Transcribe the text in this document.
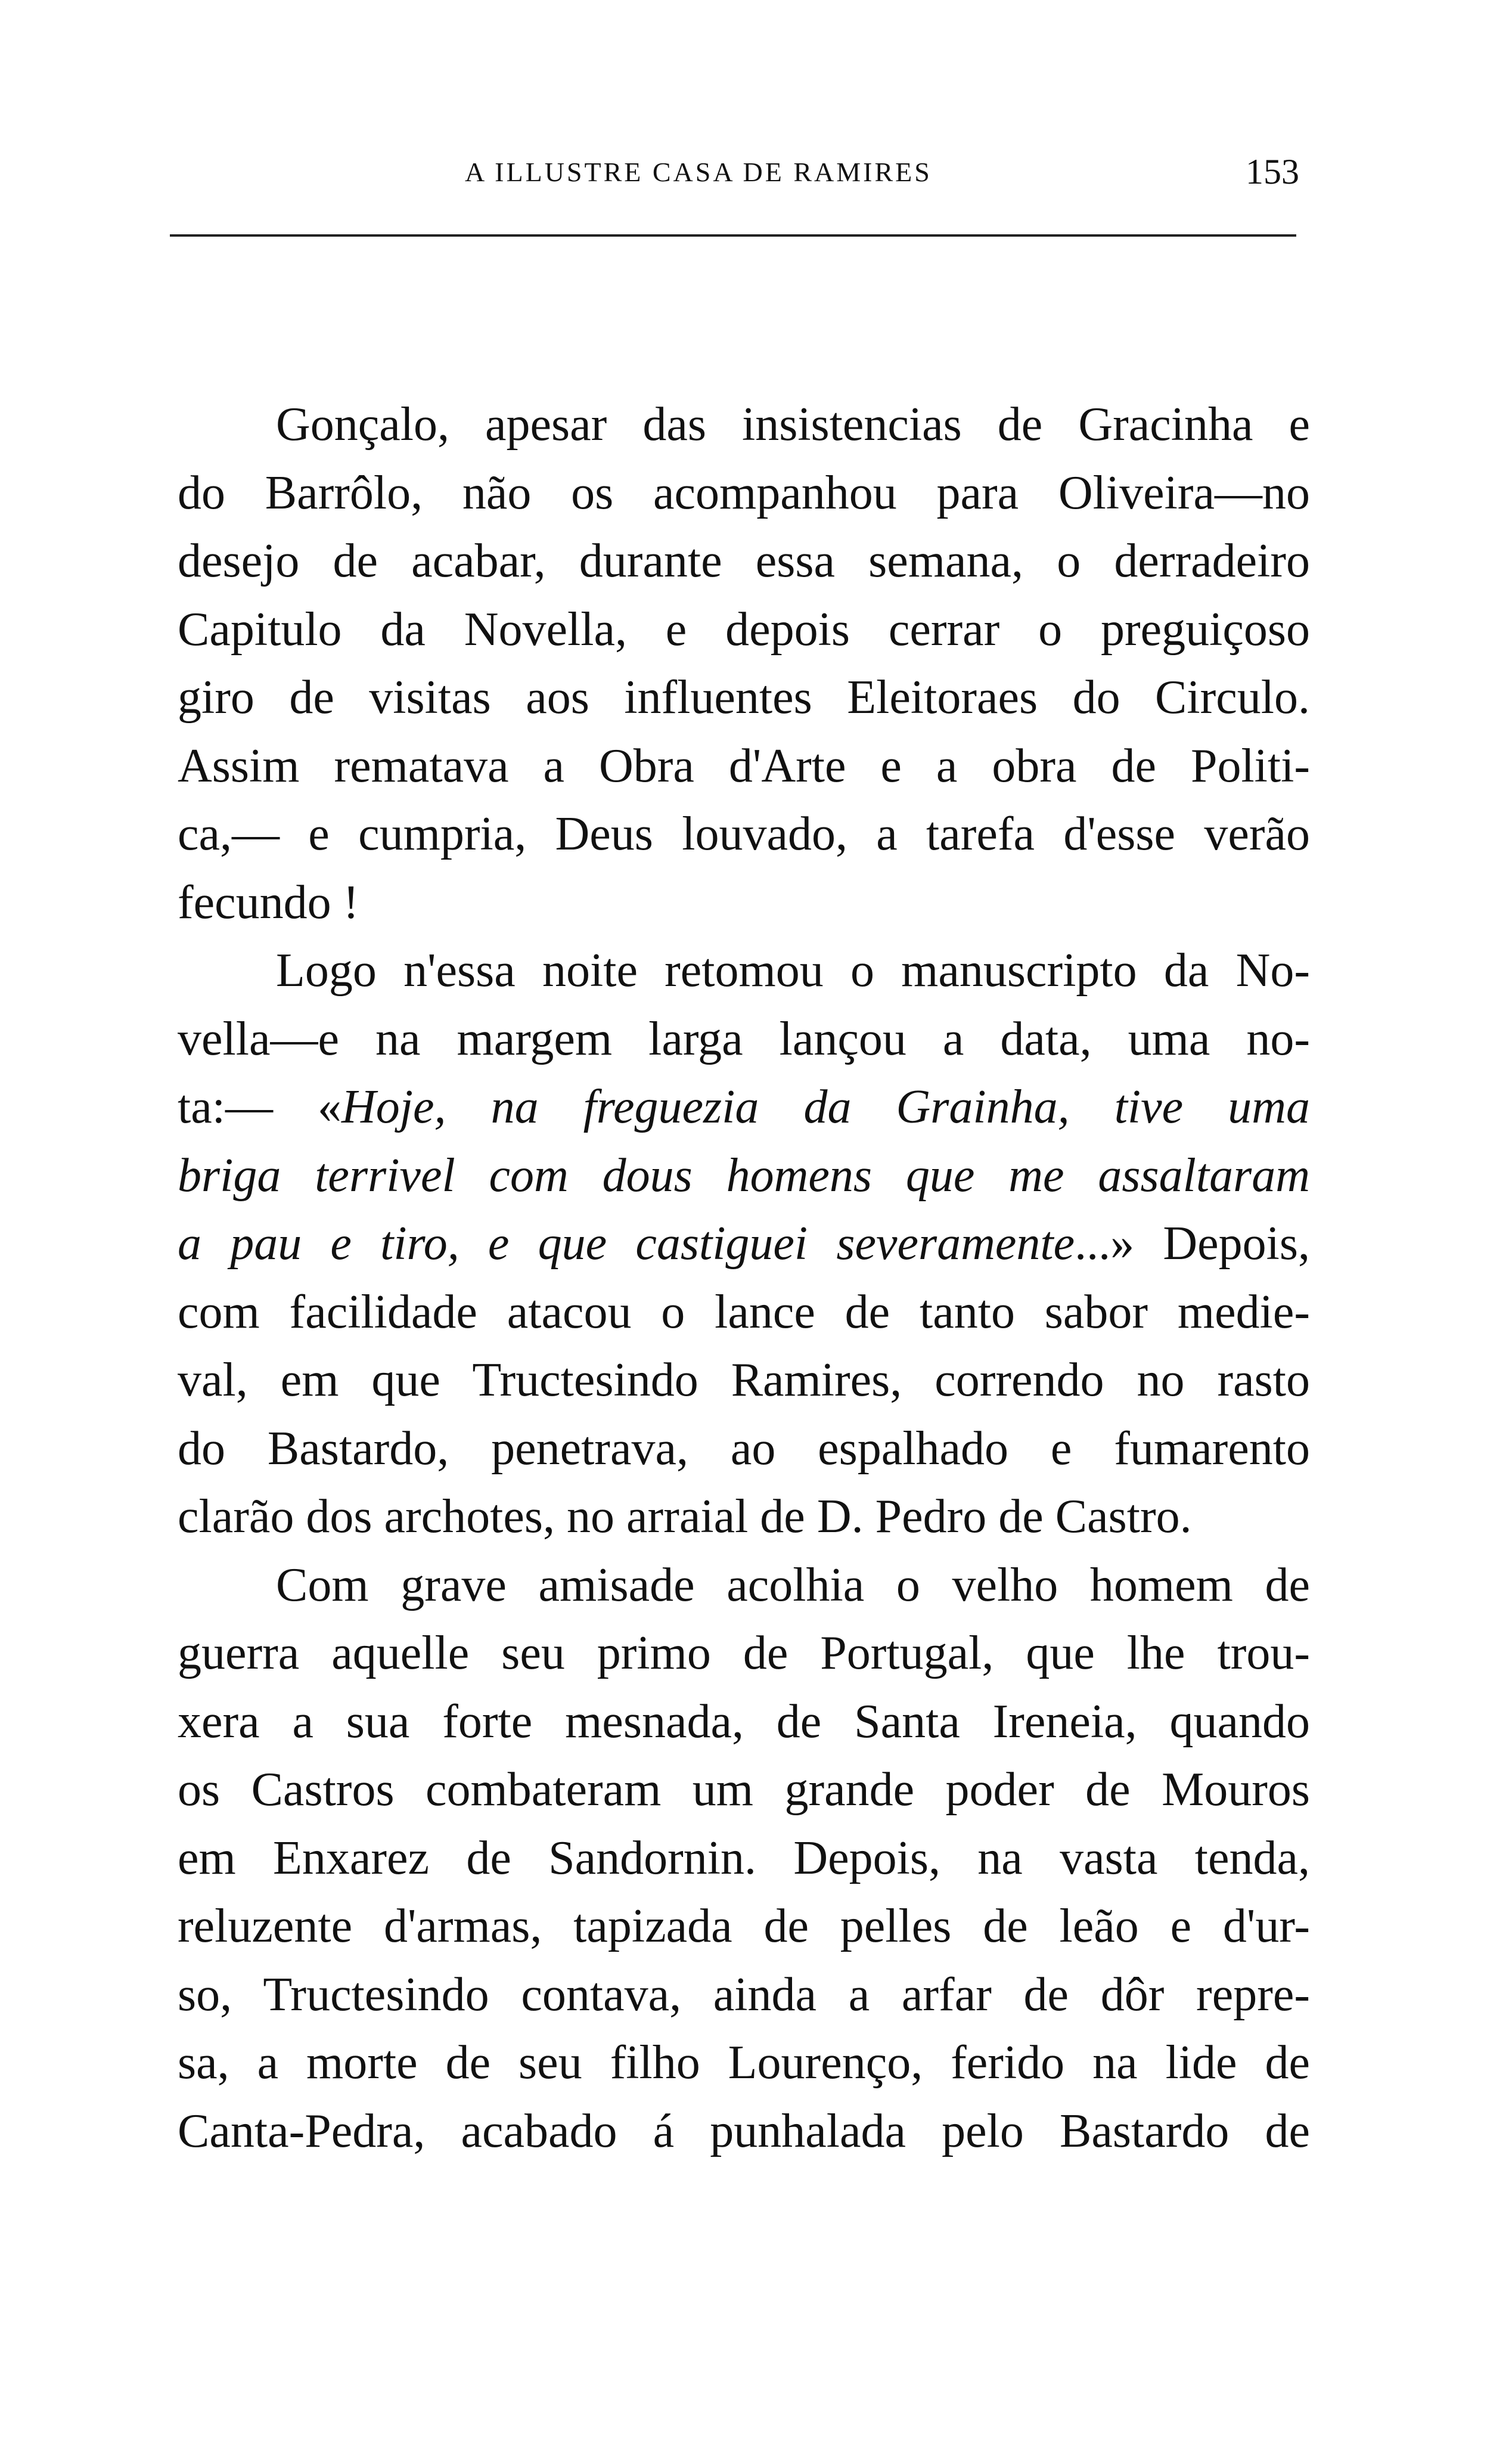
A ILLUSTRE CASA DE RAMIRES	153
Gonçalo, apesar das insistencias de Gracinha e
do Barrôlo, não os acompanhou para Oliveira—no
desejo de acabar, durante essa semana, o derradeiro
Capitulo da Novella, e depois cerrar o preguiçoso
giro de visitas aos influentes Eleitoraes do Circulo.
Assim rematava a Obra d'Arte e a obra de Politi-
ca,— e cumpria, Deus louvado, a tarefa d'esse verão
fecundo !
Logo n'essa noite retomou o manuscripto da No-
vella—e na margem larga lançou a data, uma no-
ta:— «Hoje, na freguezia da Grainha, tive uma
briga terrivel com dous homens que me assaltaram
a pau e tiro, e que castiguei severamente...» Depois,
com facilidade atacou o lance de tanto sabor medie-
val, em que Tructesindo Ramires, correndo no rasto
do Bastardo, penetrava, ao espalhado e fumarento
clarão dos archotes, no arraial de D. Pedro de Castro.
Com grave amisade acolhia o velho homem de
guerra aquelle seu primo de Portugal, que lhe trou-
xera a sua forte mesnada, de Santa Ireneia, quando
os Castros combateram um grande poder de Mouros
em Enxarez de Sandornin. Depois, na vasta tenda,
reluzente d'armas, tapizada de pelles de leão e d'ur-
so, Tructesindo contava, ainda a arfar de dôr repre-
sa, a morte de seu filho Lourenço, ferido na lide de
Canta-Pedra, acabado á punhalada pelo Bastardo de
